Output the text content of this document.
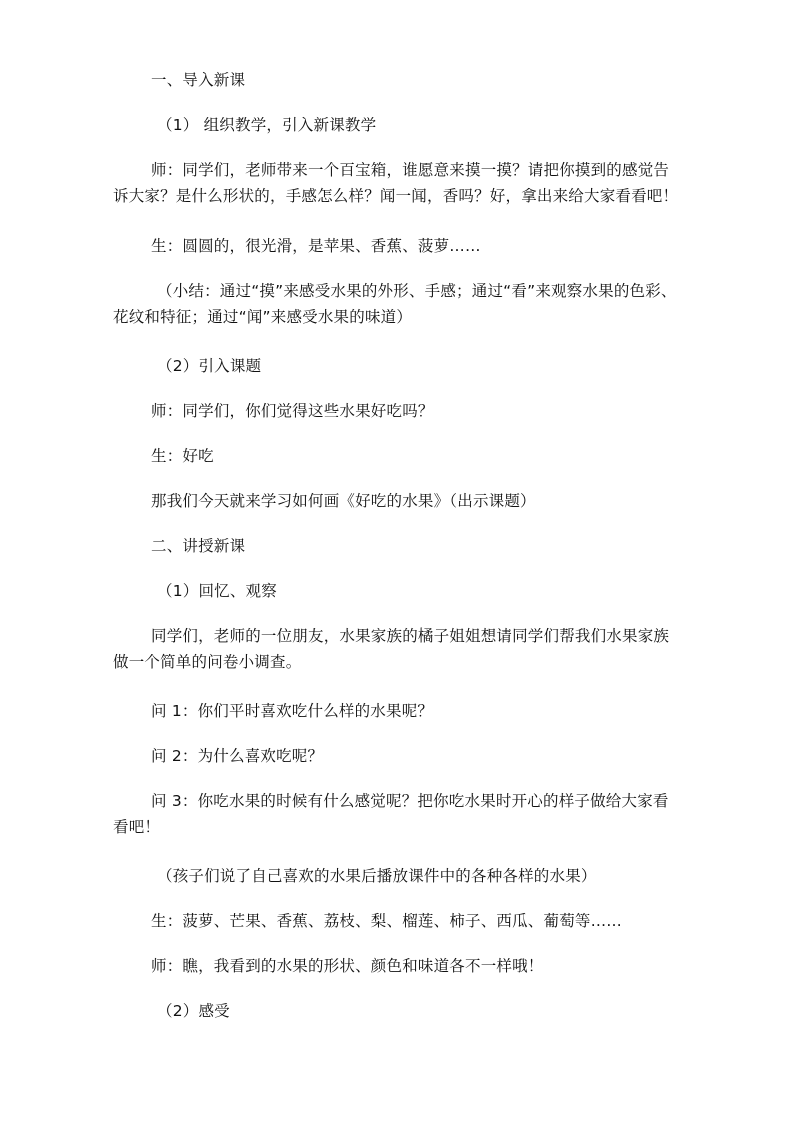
一、导入新课
（1） 组织教学，引入新课教学
师：同学们，老师带来一个百宝箱，谁愿意来摸一摸？请把你摸到的感觉告诉大家？是什么形状的，手感怎么样？闻一闻，香吗？好，拿出来给大家看看吧！
生：圆圆的，很光滑，是苹果、香蕉、菠萝……
（小结：通过“摸”来感受水果的外形、手感；通过“看”来观察水果的色彩、花纹和特征；通过“闻”来感受水果的味道）
（2）引入课题
师：同学们，你们觉得这些水果好吃吗？
生：好吃
那我们今天就来学习如何画《好吃的水果》（出示课题）
二、讲授新课
（1）回忆、观察
同学们，老师的一位朋友，水果家族的橘子姐姐想请同学们帮我们水果家族做一个简单的问卷小调查。
问 1：你们平时喜欢吃什么样的水果呢？
问 2：为什么喜欢吃呢？
问 3：你吃水果的时候有什么感觉呢？把你吃水果时开心的样子做给大家看看吧！
（孩子们说了自己喜欢的水果后播放课件中的各种各样的水果）
生：菠萝、芒果、香蕉、荔枝、梨、榴莲、柿子、西瓜、葡萄等……
师：瞧，我看到的水果的形状、颜色和味道各不一样哦！
（2）感受
